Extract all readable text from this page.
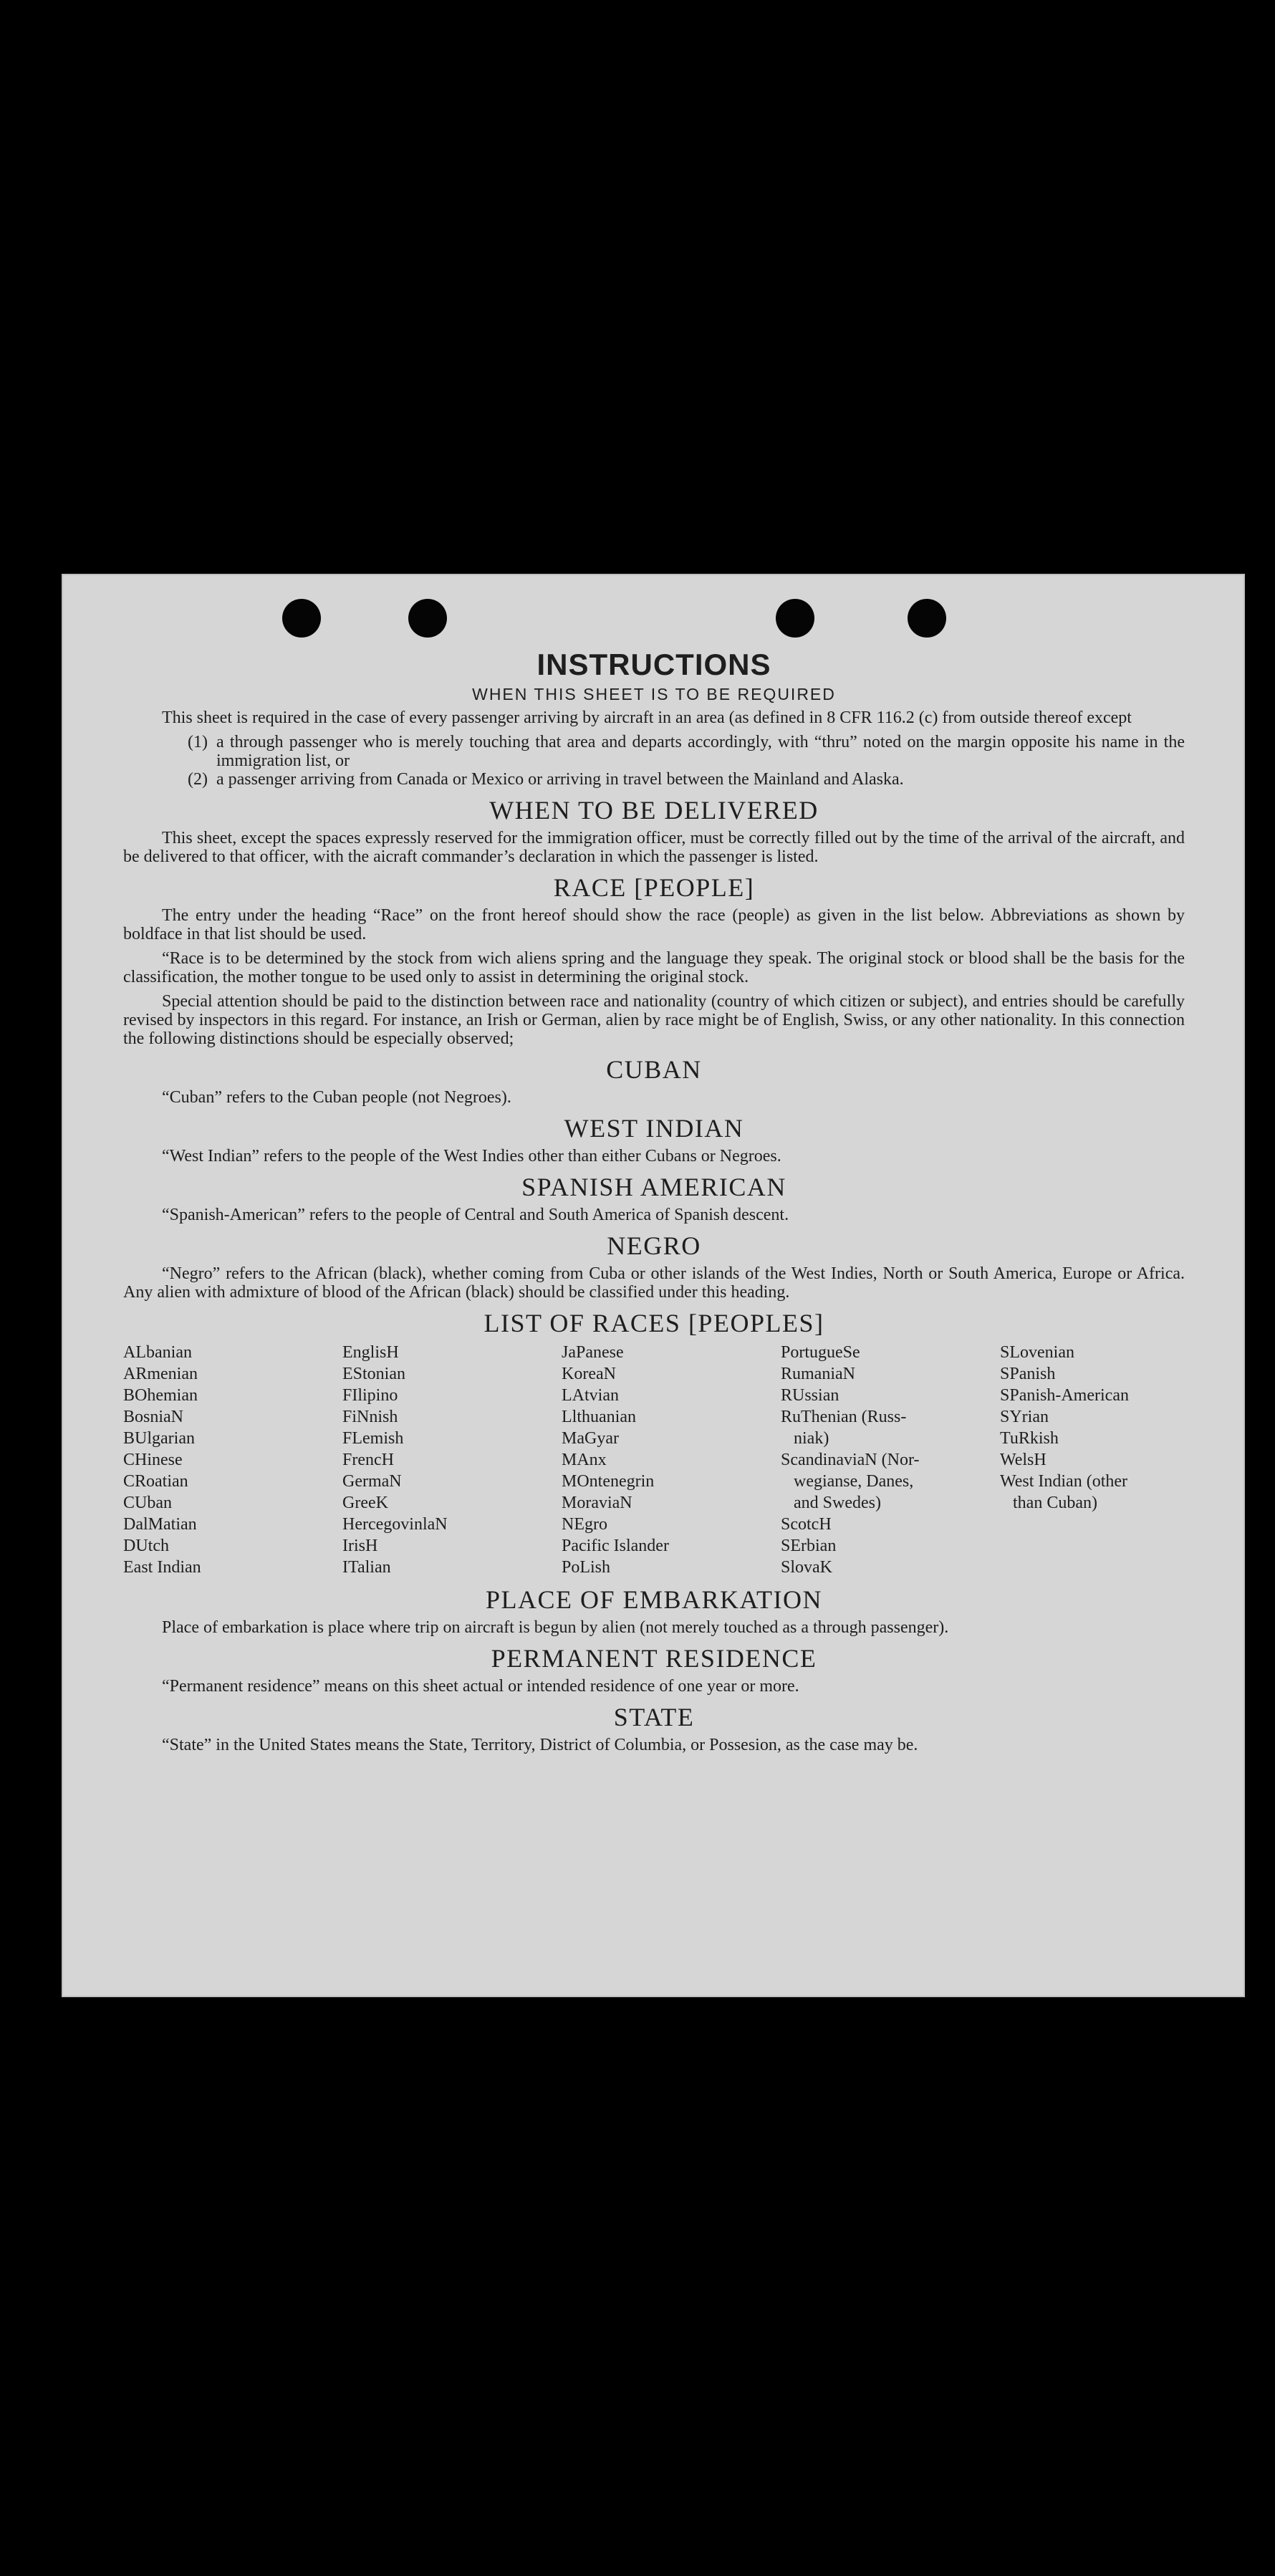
INSTRUCTIONS
WHEN THIS SHEET IS TO BE REQUIRED

This sheet is required in the case of every passenger arriving by aircraft in an area (as defined in 8 CFR 116.2 (c) from outside thereof except

(1) a through passenger who is merely touching that area and departs accordingly, with “thru” noted on the margin opposite his name in the immigration list, or
(2) a passenger arriving from Canada or Mexico or arriving in travel between the Mainland and Alaska.
WHEN TO BE DELIVERED

This sheet, except the spaces expressly reserved for the immigration officer, must be correctly filled out by the time of the arrival of the aircraft, and be delivered to that officer, with the aicraft commander’s declaration in which the passenger is listed.

RACE [PEOPLE]

The entry under the heading “Race” on the front hereof should show the race (people) as given in the list below. Abbreviations as shown by boldface in that list should be used.

“Race is to be determined by the stock from wich aliens spring and the language they speak. The original stock or blood shall be the basis for the classification, the mother tongue to be used only to assist in determining the original stock.

Special attention should be paid to the distinction between race and nationality (country of which citizen or subject), and entries should be carefully revised by inspectors in this regard. For instance, an Irish or German, alien by race might be of English, Swiss, or any other nationality. In this connection the following distinctions should be especially observed;

CUBAN

“Cuban” refers to the Cuban people (not Negroes).

WEST INDIAN

“West Indian” refers to the people of the West Indies other than either Cubans or Negroes.

SPANISH AMERICAN

“Spanish-American” refers to the people of Central and South America of Spanish descent.

NEGRO

“Negro” refers to the African (black), whether coming from Cuba or other islands of the West Indies, North or South America, Europe or Africa. Any alien with admixture of blood of the African (black) should be classified under this heading.

LIST OF RACES [PEOPLES]
ALbanian
ARmenian
BOhemian
BosniaN
BUlgarian
CHinese
CRoatian
CUban
DalMatian
DUtch
East Indian
EnglisH
EStonian
FIlipino
FiNnish
FLemish
FrencH
GermaN
GreeK
HercegovinlaN
IrisH
ITalian
JaPanese
KoreaN
LAtvian
Llthuanian
MaGyar
MAnx
MOntenegrin
MoraviaN
NEgro
Pacific Islander
PoLish
PortugueSe
RumaniaN
RUssian
RuThenian (Russ-
niak)
ScandinaviaN (Nor-
wegianse, Danes,
and Swedes)
ScotcH
SErbian
SlovaK
SLovenian
SPanish
SPanish-American
SYrian
TuRkish
WelsH
West Indian (other
than Cuban)
PLACE OF EMBARKATION

Place of embarkation is place where trip on aircraft is begun by alien (not merely touched as a through passenger).

PERMANENT RESIDENCE

“Permanent residence” means on this sheet actual or intended residence of one year or more.

STATE

“State” in the United States means the State, Territory, District of Columbia, or Possesion, as the case may be.
